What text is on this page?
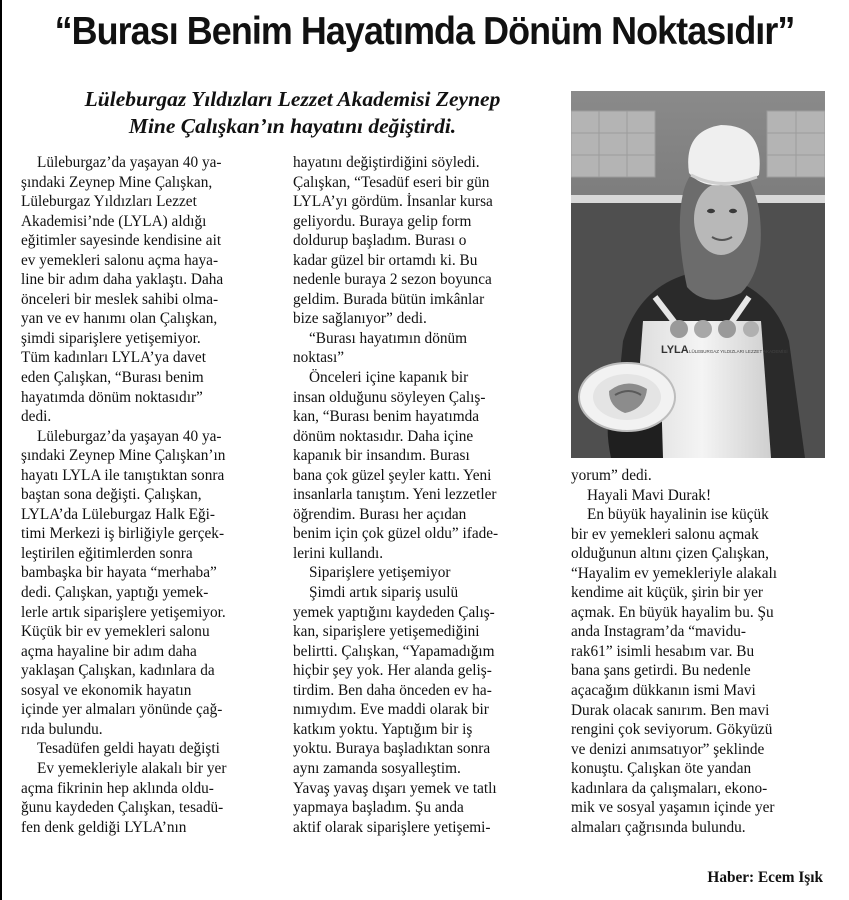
“Burası Benim Hayatımda Dönüm Noktasıdır”
Lüleburgaz Yıldızları Lezzet Akademisi Zeynep
Mine Çalışkan’ın hayatını değiştirdi.

Lüleburgaz’da yaşayan 40 ya-

şındaki Zeynep Mine Çalışkan,

Lüleburgaz Yıldızları Lezzet

Akademisi’nde (LYLA) aldığı

eğitimler sayesinde kendisine ait

ev yemekleri salonu açma haya-

line bir adım daha yaklaştı. Daha

önceleri bir meslek sahibi olma-

yan ve ev hanımı olan Çalışkan,

şimdi siparişlere yetişemiyor.

Tüm kadınları LYLA’ya davet

eden Çalışkan, “Burası benim

hayatımda dönüm noktasıdır”

dedi.

Lüleburgaz’da yaşayan 40 ya-

şındaki Zeynep Mine Çalışkan’ın

hayatı LYLA ile tanıştıktan sonra

baştan sona değişti. Çalışkan,

LYLA’da Lüleburgaz Halk Eği-

timi Merkezi iş birliğiyle gerçek-

leştirilen eğitimlerden sonra

bambaşka bir hayata “merhaba”

dedi. Çalışkan, yaptığı yemek-

lerle artık siparişlere yetişemiyor.

Küçük bir ev yemekleri salonu

açma hayaline bir adım daha

yaklaşan Çalışkan, kadınlara da

sosyal ve ekonomik hayatın

içinde yer almaları yönünde çağ-

rıda bulundu.

Tesadüfen geldi hayatı değişti

Ev yemekleriyle alakalı bir yer

açma fikrinin hep aklında oldu-

ğunu kaydeden Çalışkan, tesadü-

fen denk geldiği LYLA’nın

hayatını değiştirdiğini söyledi.

Çalışkan, “Tesadüf eseri bir gün

LYLA’yı gördüm. İnsanlar kursa

geliyordu. Buraya gelip form

doldurup başladım. Burası o

kadar güzel bir ortamdı ki. Bu

nedenle buraya 2 sezon boyunca

geldim. Burada bütün imkânlar

bize sağlanıyor” dedi.

“Burası hayatımın dönüm

noktası”

Önceleri içine kapanık bir

insan olduğunu söyleyen Çalış-

kan, “Burası benim hayatımda

dönüm noktasıdır. Daha içine

kapanık bir insandım. Burası

bana çok güzel şeyler kattı. Yeni

insanlarla tanıştım. Yeni lezzetler

öğrendim. Burası her açıdan

benim için çok güzel oldu” ifade-

lerini kullandı.

Siparişlere yetişemiyor

Şimdi artık sipariş usulü

yemek yaptığını kaydeden Çalış-

kan, siparişlere yetişemediğini

belirtti. Çalışkan, “Yapamadığım

hiçbir şey yok. Her alanda geliş-

tirdim. Ben daha önceden ev ha-

nımıydım. Eve maddi olarak bir

katkım yoktu. Yaptığım bir iş

yoktu. Buraya başladıktan sonra

aynı zamanda sosyalleştim.

Yavaş yavaş dışarı yemek ve tatlı

yapmaya başladım. Şu anda

aktif olarak siparişlere yetişemi-

LYLA LÜLEBURGAZ YILDIZLARI LEZZET AKADEMİSİ

yorum” dedi.

Hayali Mavi Durak!

En büyük hayalinin ise küçük

bir ev yemekleri salonu açmak

olduğunun altını çizen Çalışkan,

“Hayalim ev yemekleriyle alakalı

kendime ait küçük, şirin bir yer

açmak. En büyük hayalim bu. Şu

anda Instagram’da “mavidu-

rak61” isimli hesabım var. Bu

bana şans getirdi. Bu nedenle

açacağım dükkanın ismi Mavi

Durak olacak sanırım. Ben mavi

rengini çok seviyorum. Gökyüzü

ve denizi anımsatıyor” şeklinde

konuştu. Çalışkan öte yandan

kadınlara da çalışmaları, ekono-

mik ve sosyal yaşamın içinde yer

almaları çağrısında bulundu.

Haber: Ecem Işık
